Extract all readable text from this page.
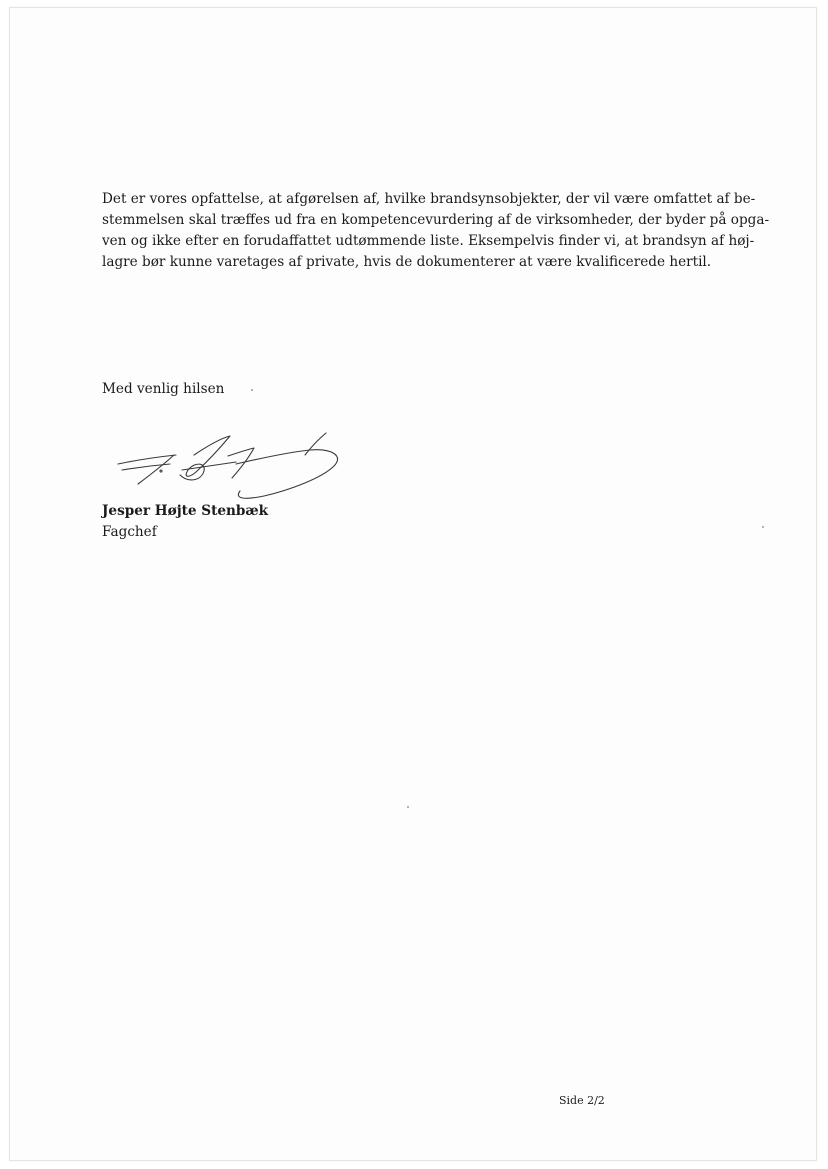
Det er vores opfattelse, at afgørelsen af, hvilke brandsynsobjekter, der vil være omfattet af be-
stemmelsen skal træffes ud fra en kompetencevurdering af de virksomheder, der byder på opga-
ven og ikke efter en forudaffattet udtømmende liste. Eksempelvis finder vi, at brandsyn af høj-
lagre bør kunne varetages af private, hvis de dokumenterer at være kvalificerede hertil.

Med venlig hilsen
Jesper Højte Stenbæk
Fagchef
Side 2/2
